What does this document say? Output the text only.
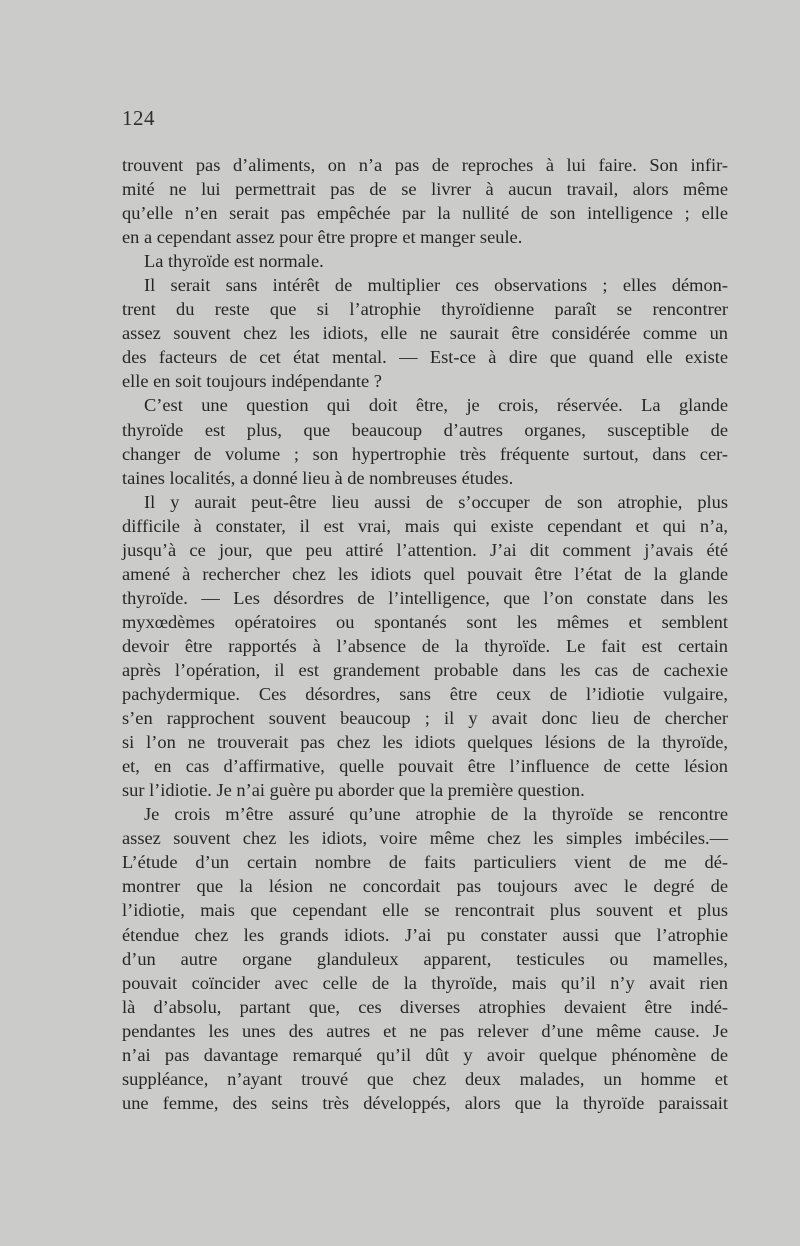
124
trouvent pas d’aliments, on n’a pas de reproches à lui faire. Son infir-
mité ne lui permettrait pas de se livrer à aucun travail, alors même
qu’elle n’en serait pas empêchée par la nullité de son intelligence ; elle
en a cependant assez pour être propre et manger seule.
La thyroïde est normale.
Il serait sans intérêt de multiplier ces observations ; elles démon-
trent du reste que si l’atrophie thyroïdienne paraît se rencontrer
assez souvent chez les idiots, elle ne saurait être considérée comme un
des facteurs de cet état mental. — Est-ce à dire que quand elle existe
elle en soit toujours indépendante ?
C’est une question qui doit être, je crois, réservée. La glande
thyroïde est plus, que beaucoup d’autres organes, susceptible de
changer de volume ; son hypertrophie très fréquente surtout, dans cer-
taines localités, a donné lieu à de nombreuses études.
Il y aurait peut-être lieu aussi de s’occuper de son atrophie, plus
difficile à constater, il est vrai, mais qui existe cependant et qui n’a,
jusqu’à ce jour, que peu attiré l’attention. J’ai dit comment j’avais été
amené à rechercher chez les idiots quel pouvait être l’état de la glande
thyroïde. — Les désordres de l’intelligence, que l’on constate dans les
myxœdèmes opératoires ou spontanés sont les mêmes et semblent
devoir être rapportés à l’absence de la thyroïde. Le fait est certain
après l’opération, il est grandement probable dans les cas de cachexie
pachydermique. Ces désordres, sans être ceux de l’idiotie vulgaire,
s’en rapprochent souvent beaucoup ; il y avait donc lieu de chercher
si l’on ne trouverait pas chez les idiots quelques lésions de la thyroïde,
et, en cas d’affirmative, quelle pouvait être l’influence de cette lésion
sur l’idiotie. Je n’ai guère pu aborder que la première question.
Je crois m’être assuré qu’une atrophie de la thyroïde se rencontre
assez souvent chez les idiots, voire même chez les simples imbéciles.—
L’étude d’un certain nombre de faits particuliers vient de me dé-
montrer que la lésion ne concordait pas toujours avec le degré de
l’idiotie, mais que cependant elle se rencontrait plus souvent et plus
étendue chez les grands idiots. J’ai pu constater aussi que l’atrophie
d’un autre organe glanduleux apparent, testicules ou mamelles,
pouvait coïncider avec celle de la thyroïde, mais qu’il n’y avait rien
là d’absolu, partant que, ces diverses atrophies devaient être indé-
pendantes les unes des autres et ne pas relever d’une même cause. Je
n’ai pas davantage remarqué qu’il dût y avoir quelque phénomène de
suppléance, n’ayant trouvé que chez deux malades, un homme et
une femme, des seins très développés, alors que la thyroïde paraissait
